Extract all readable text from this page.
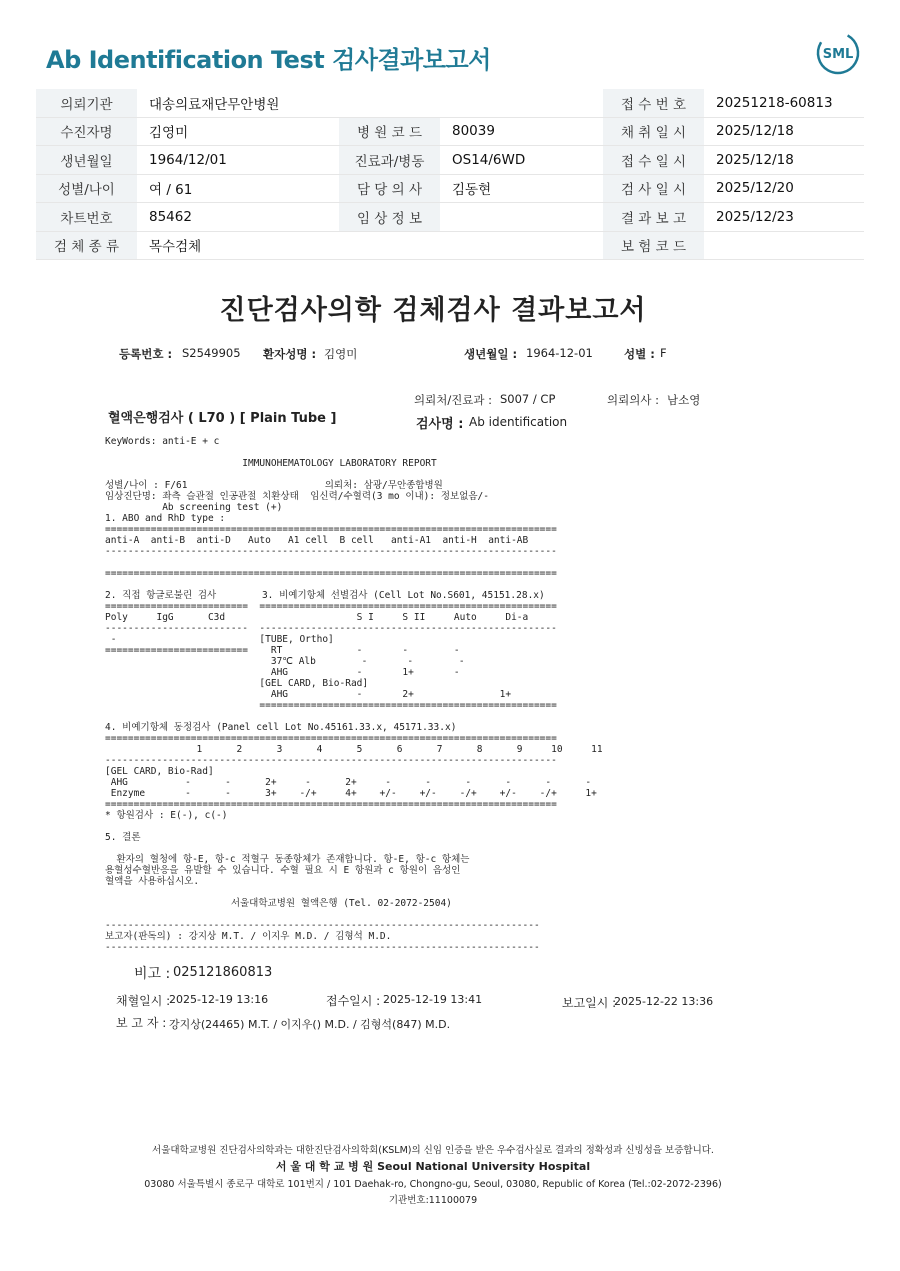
Ab Identification Test 검사결과보고서	SML
의뢰기관	대송의료재단무안병원			접 수 번 호	20251218-60813
수진자명	김영미	병 원 코 드	80039	채 취 일 시	2025/12/18
생년월일	1964/12/01	진료과/병동	OS14/6WD	접 수 일 시	2025/12/18
성별/나이	여 / 61	담 당 의 사	김동현	검 사 일 시	2025/12/20
차트번호	85462	임 상 정 보		결 과 보 고	2025/12/23
검 체 종 류	목수검체			보 험 코 드	
진단검사의학 검체검사 결과보고서
등록번호 : S2549905 환자성명 : 김영미	생년월일 : 1964-12-01	성별 : F
의뢰처/진료과 : S007 / CP	의뢰의사 : 남소영
혈액은행검사 ( L70 ) [ Plain Tube ]	검사명 : Ab identification
KeyWords: anti-E + c
IMMUNOHEMATOLOGY LABORATORY REPORT
성별/나이 : F/61                        의뢰처: 삼광/무안종합병원
임상진단명: 좌측 슬관절 인공관절 치환상태  임신력/수혈력(3 mo 이내): 정보없음/-
Ab screening test (+)
1. ABO and RhD type :
===============================================================================
anti-A  anti-B  anti-D   Auto   A1 cell  B cell   anti-A1  anti-H  anti-AB
-------------------------------------------------------------------------------
===============================================================================
2. 직접 항글로불린 검사        3. 비예기항체 선별검사 (Cell Lot No.S601, 45151.28.x)
=========================  ====================================================
Poly     IgG      C3d                       S I     S II     Auto     Di-a
-------------------------  ----------------------------------------------------
-                         [TUBE, Ortho]
=========================    RT             -       -        -
37℃ Alb        -       -        -
AHG            -       1+       -
[GEL CARD, Bio-Rad]
AHG            -       2+               1+
====================================================
4. 비예기항체 동정검사 (Panel cell Lot No.45161.33.x, 45171.33.x)
===============================================================================
1      2      3      4      5      6      7      8      9     10     11
-------------------------------------------------------------------------------
[GEL CARD, Bio-Rad]
AHG          -      -      2+     -      2+     -      -      -      -      -      -
Enzyme       -      -      3+    -/+     4+    +/-    +/-    -/+    +/-    -/+     1+
===============================================================================
* 항원검사 : E(-), c(-)
5. 결론
환자의 혈청에 항-E, 항-c 적혈구 동종항체가 존재합니다. 항-E, 항-c 항체는
용혈성수혈반응을 유발할 수 있습니다. 수혈 필요 시 E 항원과 c 항원이 음성인
혈액을 사용하십시오.
서울대학교병원 혈액은행 (Tel. 02-2072-2504)
----------------------------------------------------------------------------
보고자(판독의) : 강지상 M.T. / 이지우 M.D. / 김형석 M.D.
----------------------------------------------------------------------------
비고 : 025121860813
채혈일시 :
2025-12-19 13:16	접수일시 : 2025-12-19 13:41	보고일시 :
2025-12-22 13:36
보 고 자 : 강지상(24465) M.T. / 이지우() M.D. / 김형석(847) M.D.
서울대학교병원 진단검사의학과는 대한진단검사의학회(KSLM)의 신임 인증을 받은 우수검사실로 결과의 정확성과 신빙성을 보증합니다.
서 울 대 학 교 병 원 Seoul National University Hospital
03080 서울특별시 종로구 대학로 101번지 / 101 Daehak-ro, Chongno-gu, Seoul, 03080, Republic of Korea (Tel.:02-2072-2396)
기관번호:11100079
